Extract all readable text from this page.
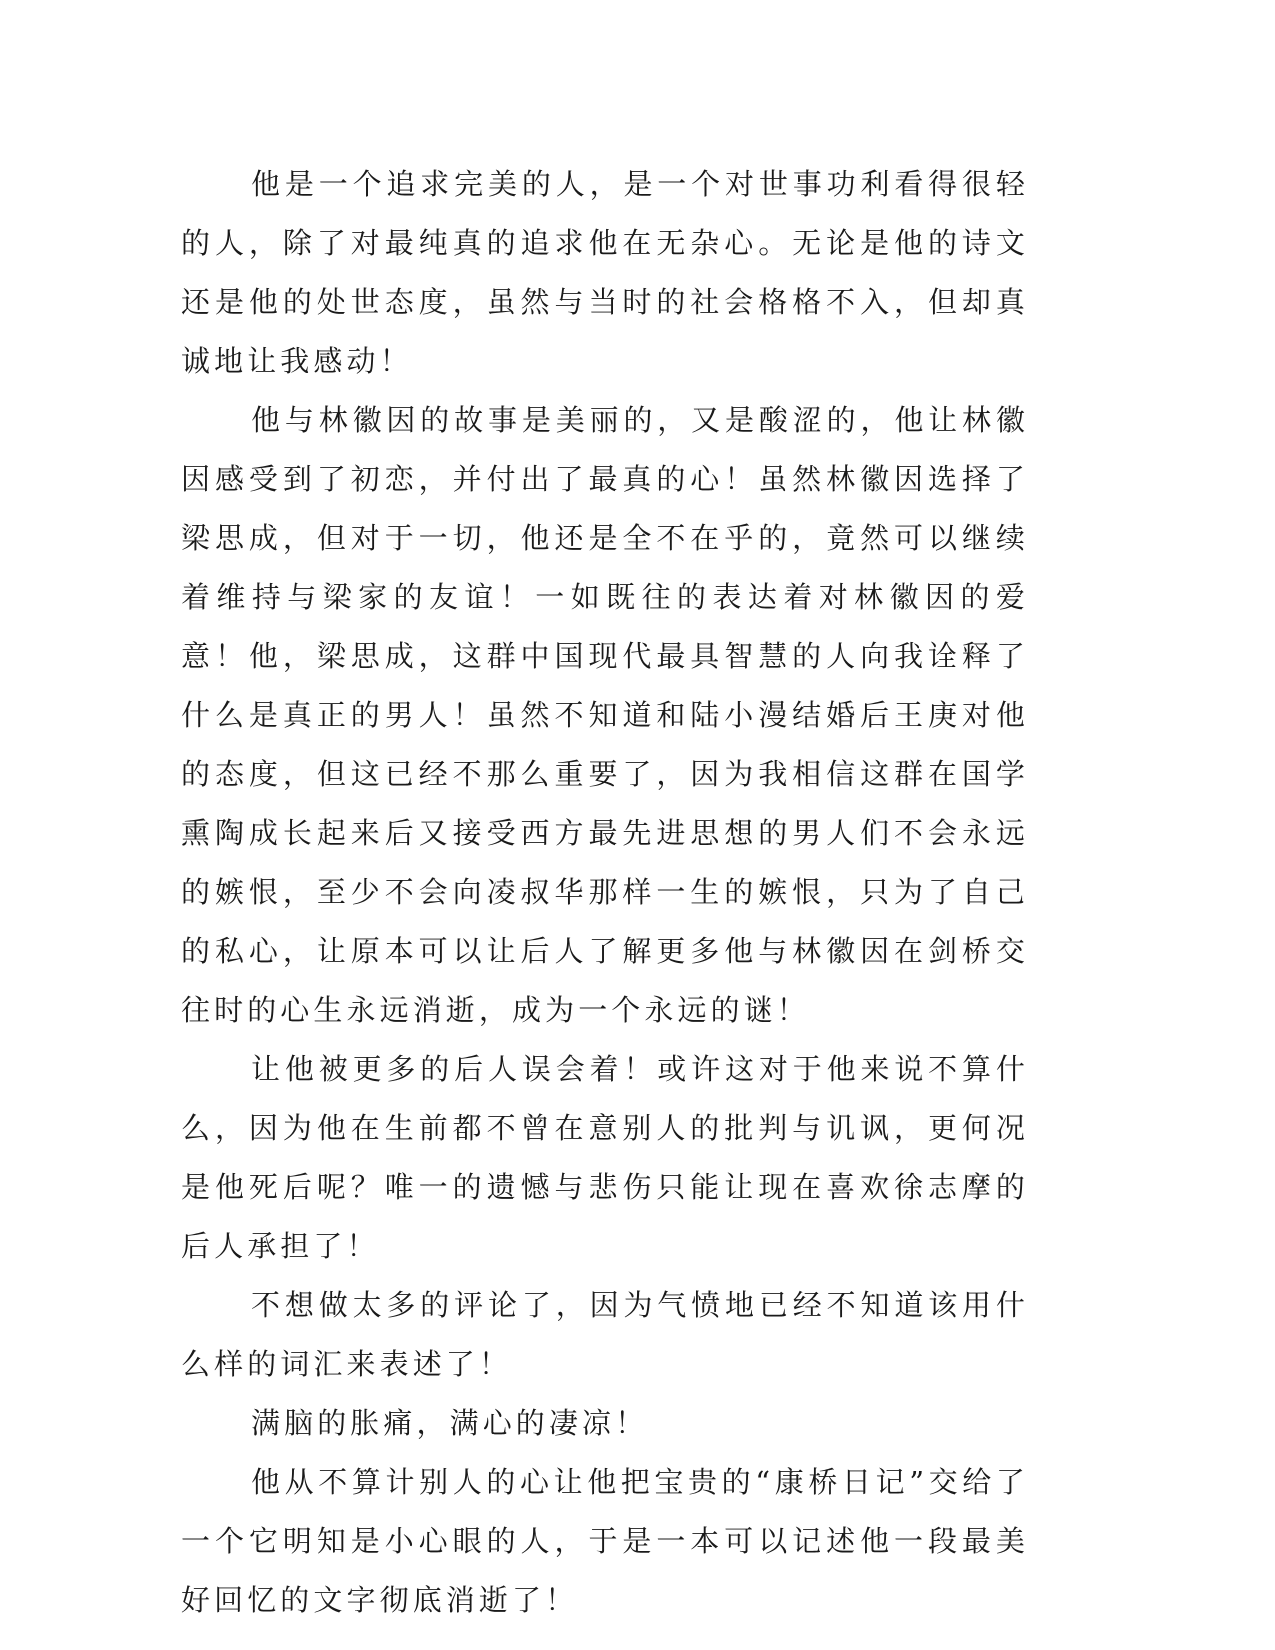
他是一个追求完美的人，是一个对世事功利看得很轻的人，除了对最纯真的追求他在无杂心。无论是他的诗文还是他的处世态度，虽然与当时的社会格格不入，但却真诚地让我感动！

他与林徽因的故事是美丽的，又是酸涩的，他让林徽因感受到了初恋，并付出了最真的心！虽然林徽因选择了梁思成，但对于一切，他还是全不在乎的，竟然可以继续着维持与梁家的友谊！一如既往的表达着对林徽因的爱意！他，梁思成，这群中国现代最具智慧的人向我诠释了什么是真正的男人！虽然不知道和陆小漫结婚后王庚对他的态度，但这已经不那么重要了，因为我相信这群在国学熏陶成长起来后又接受西方最先进思想的男人们不会永远的嫉恨，至少不会向凌叔华那样一生的嫉恨，只为了自己的私心，让原本可以让后人了解更多他与林徽因在剑桥交往时的心生永远消逝，成为一个永远的谜！

让他被更多的后人误会着！或许这对于他来说不算什么，因为他在生前都不曾在意别人的批判与讥讽，更何况是他死后呢？唯一的遗憾与悲伤只能让现在喜欢徐志摩的后人承担了！

不想做太多的评论了，因为气愤地已经不知道该用什么样的词汇来表述了！

满脑的胀痛，满心的凄凉！

他从不算计别人的心让他把宝贵的“康桥日记”交给了一个它明知是小心眼的人，于是一本可以记述他一段最美好回忆的文字彻底消逝了！
